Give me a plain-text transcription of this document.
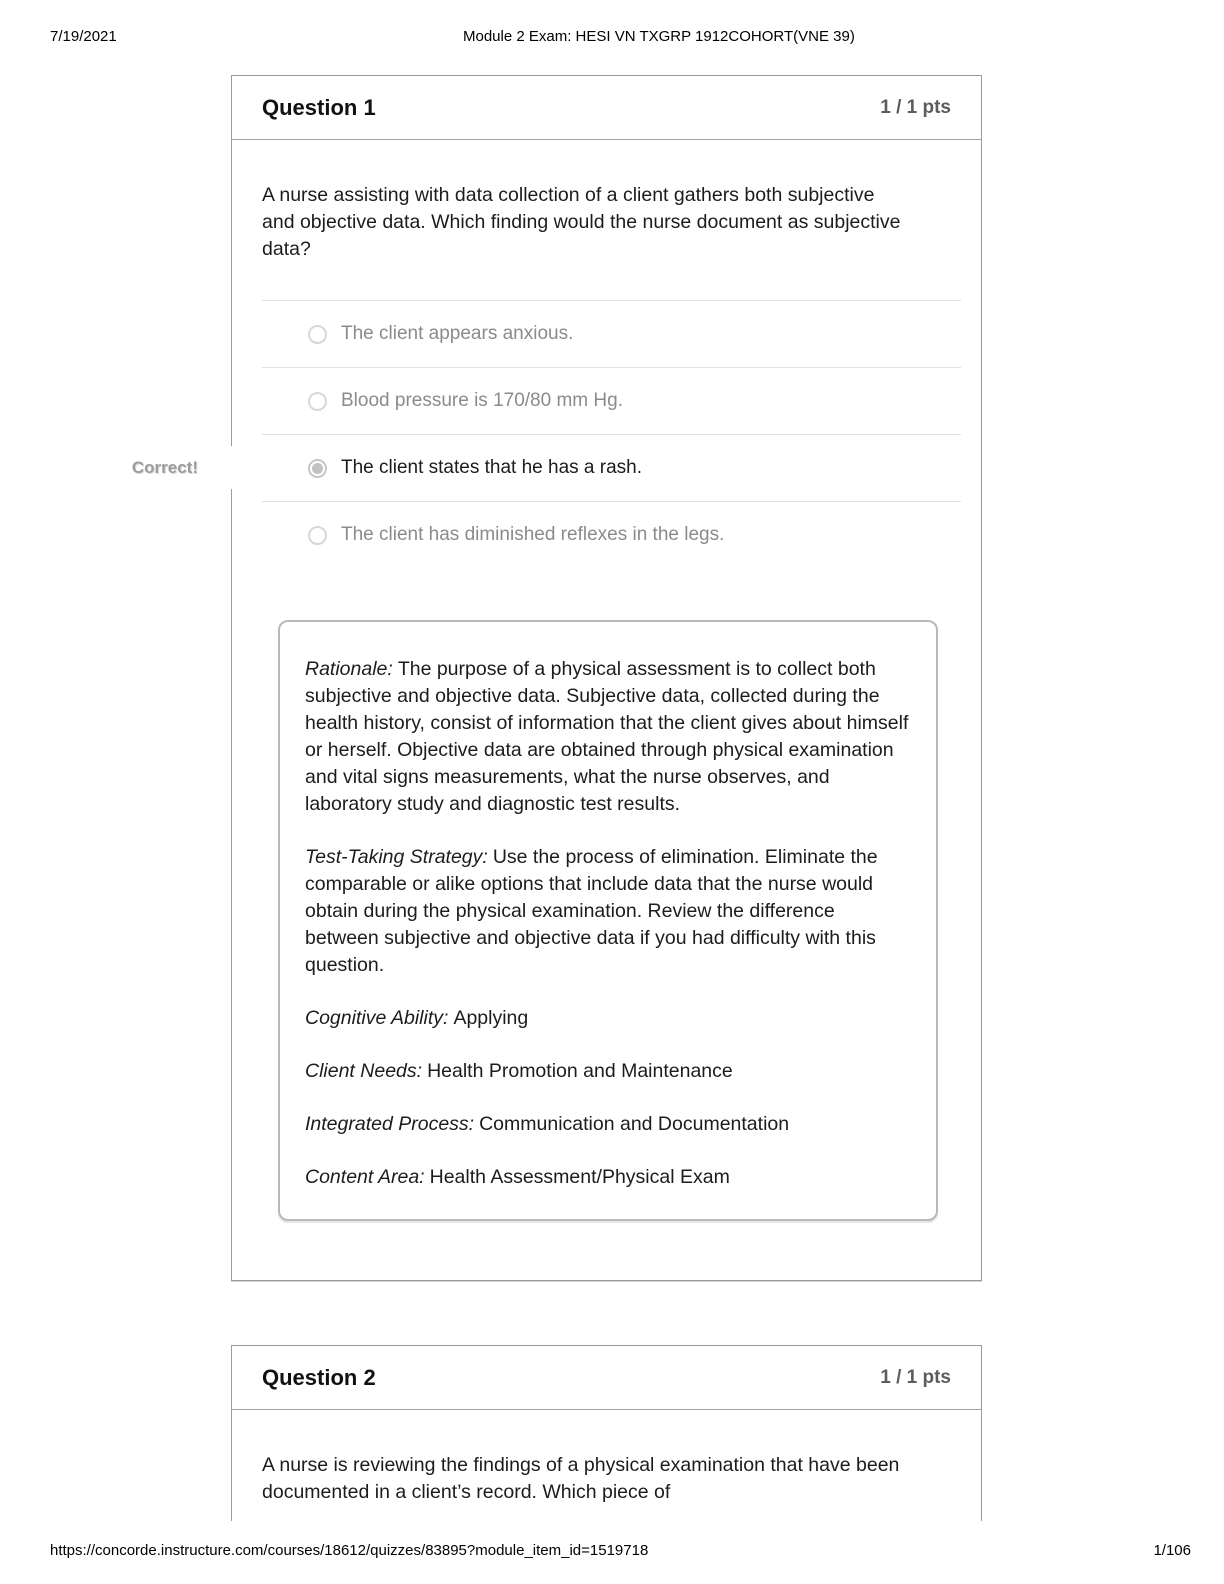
7/19/2021	Module 2 Exam: HESI VN TXGRP 1912COHORT(VNE 39)
Question 1	1 / 1 pts
A nurse assisting with data collection of a client gathers both subjective and objective data. Which finding would the nurse document as subjective data?
The client appears anxious.
Blood pressure is 170/80 mm Hg.
Correct!	The client states that he has a rash.
The client has diminished reflexes in the legs.

Rationale: The purpose of a physical assessment is to collect both subjective and objective data. Subjective data, collected during the health history, consist of information that the client gives about himself or herself. Objective data are obtained through physical examination and vital signs measurements, what the nurse observes, and laboratory study and diagnostic test results.

Test-Taking Strategy: Use the process of elimination. Eliminate the comparable or alike options that include data that the nurse would obtain during the physical examination. Review the difference between subjective and objective data if you had difficulty with this question.

Cognitive Ability: Applying

Client Needs: Health Promotion and Maintenance

Integrated Process: Communication and Documentation

Content Area: Health Assessment/Physical Exam

Question 2	1 / 1 pts
A nurse is reviewing the findings of a physical examination that have been documented in a client’s record. Which piece of
https://concorde.instructure.com/courses/18612/quizzes/83895?module_item_id=1519718	1/106
